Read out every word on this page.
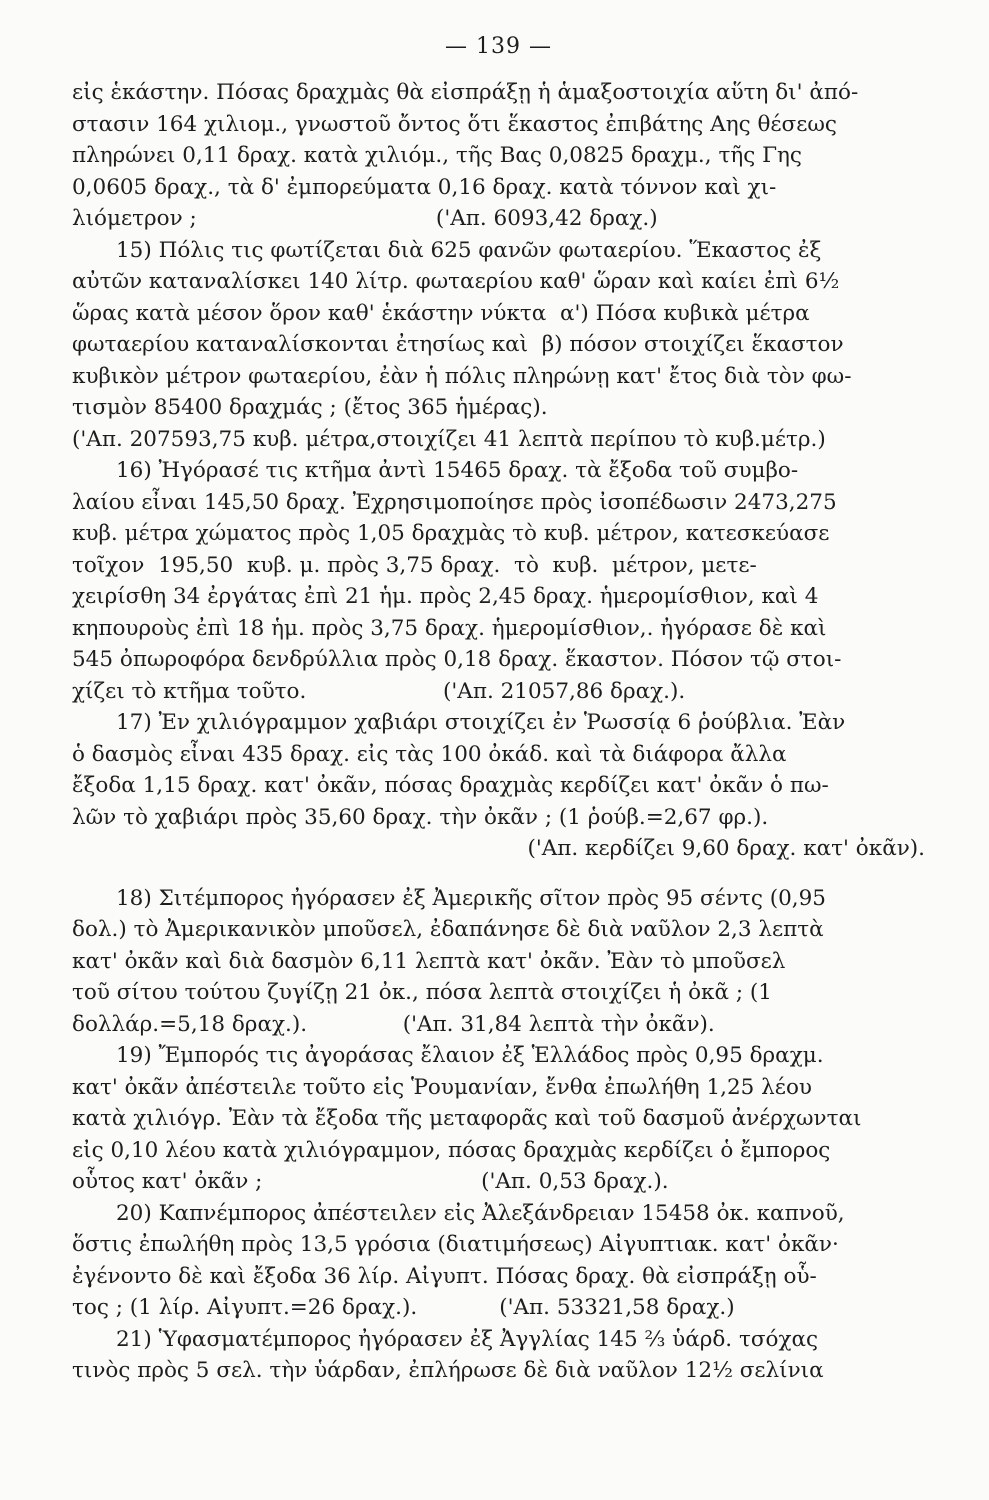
— 139 —
εἰς ἑκάστην. Πόσας δραχμὰς θὰ εἰσπράξῃ ἡ ἁμαξοστοιχία αὕτη δι' ἀπό-
στασιν 164 χιλιομ., γνωστοῦ ὄντος ὅτι ἕκαστος ἐπιβάτης Αης θέσεως
πληρώνει 0,11 δραχ. κατὰ χιλιόμ., τῆς Βας 0,0825 δραχμ., τῆς Γης
0,0605 δραχ., τὰ δ' ἐμπορεύματα 0,16 δραχ. κατὰ τόννον καὶ χι-
λιόμετρον ;                                   ('Απ. 6093,42 δραχ.)
15) Πόλις τις φωτίζεται διὰ 625 φανῶν φωταερίου. Ἕκαστος ἐξ
αὐτῶν καταναλίσκει 140 λίτρ. φωταερίου καθ' ὥραν καὶ καίει ἐπὶ 6½
ὥρας κατὰ μέσον ὅρον καθ' ἑκάστην νύκτα  α') Πόσα κυβικὰ μέτρα
φωταερίου καταναλίσκονται ἐτησίως καὶ  β) πόσον στοιχίζει ἕκαστον
κυβικὸν μέτρον φωταερίου, ἐὰν ἡ πόλις πληρώνῃ κατ' ἔτος διὰ τὸν φω-
τισμὸν 85400 δραχμάς ; (ἔτος 365 ἡμέρας).
('Απ. 207593,75 κυβ. μέτρα,στοιχίζει 41 λεπτὰ περίπου τὸ κυβ.μέτρ.)
16) Ἠγόρασέ τις κτῆμα ἀντὶ 15465 δραχ. τὰ ἔξοδα τοῦ συμβο-
λαίου εἶναι 145,50 δραχ. Ἐχρησιμοποίησε πρὸς ἰσοπέδωσιν 2473,275
κυβ. μέτρα χώματος πρὸς 1,05 δραχμὰς τὸ κυβ. μέτρον, κατεσκεύασε
τοῖχον  195,50  κυβ. μ. πρὸς 3,75 δραχ.  τὸ  κυβ.  μέτρον, μετε-
χειρίσθη 34 ἐργάτας ἐπὶ 21 ἡμ. πρὸς 2,45 δραχ. ἡμερομίσθιον, καὶ 4
κηπουροὺς ἐπὶ 18 ἡμ. πρὸς 3,75 δραχ. ἡμερομίσθιον,. ἠγόρασε δὲ καὶ
545 ὀπωροφόρα δενδρύλλια πρὸς 0,18 δραχ. ἕκαστον. Πόσον τῷ στοι-
χίζει τὸ κτῆμα τοῦτο.                    ('Απ. 21057,86 δραχ.).
17) Ἐν χιλιόγραμμον χαβιάρι στοιχίζει ἐν Ῥωσσίᾳ 6 ῥούβλια. Ἐὰν
ὁ δασμὸς εἶναι 435 δραχ. εἰς τὰς 100 ὀκάδ. καὶ τὰ διάφορα ἄλλα
ἔξοδα 1,15 δραχ. κατ' ὀκᾶν, πόσας δραχμὰς κερδίζει κατ' ὀκᾶν ὁ πω-
λῶν τὸ χαβιάρι πρὸς 35,60 δραχ. τὴν ὀκᾶν ; (1 ῥούβ.=2,67 φρ.).
('Απ. κερδίζει 9,60 δραχ. κατ' ὀκᾶν).
18) Σιτέμπορος ἠγόρασεν ἐξ Ἀμερικῆς σῖτον πρὸς 95 σέντς (0,95
δολ.) τὸ Ἀμερικανικὸν μποῦσελ, ἐδαπάνησε δὲ διὰ ναῦλον 2,3 λεπτὰ
κατ' ὀκᾶν καὶ διὰ δασμὸν 6,11 λεπτὰ κατ' ὀκᾶν. Ἐὰν τὸ μποῦσελ
τοῦ σίτου τούτου ζυγίζῃ 21 ὀκ., πόσα λεπτὰ στοιχίζει ἡ ὀκᾶ ; (1
δολλάρ.=5,18 δραχ.).              ('Απ. 31,84 λεπτὰ τὴν ὀκᾶν).
19) Ἔμπορός τις ἀγοράσας ἔλαιον ἐξ Ἑλλάδος πρὸς 0,95 δραχμ.
κατ' ὀκᾶν ἀπέστειλε τοῦτο εἰς Ῥουμανίαν, ἔνθα ἐπωλήθη 1,25 λέου
κατὰ χιλιόγρ. Ἐὰν τὰ ἔξοδα τῆς μεταφορᾶς καὶ τοῦ δασμοῦ ἀνέρχωνται
εἰς 0,10 λέου κατὰ χιλιόγραμμον, πόσας δραχμὰς κερδίζει ὁ ἔμπορος
οὗτος κατ' ὀκᾶν ;                                ('Απ. 0,53 δραχ.).
20) Καπνέμπορος ἀπέστειλεν εἰς Ἀλεξάνδρειαν 15458 ὀκ. καπνοῦ,
ὅστις ἐπωλήθη πρὸς 13,5 γρόσια (διατιμήσεως) Αἰγυπτιακ. κατ' ὀκᾶν·
ἐγένοντο δὲ καὶ ἔξοδα 36 λίρ. Αἰγυπτ. Πόσας δραχ. θὰ εἰσπράξῃ οὗ-
τος ; (1 λίρ. Αἰγυπτ.=26 δραχ.).            ('Απ. 53321,58 δραχ.)
21) Ὑφασματέμπορος ἠγόρασεν ἐξ Ἀγγλίας 145 ⅔ ὑάρδ. τσόχας
τινὸς πρὸς 5 σελ. τὴν ὑάρδαν, ἐπλήρωσε δὲ διὰ ναῦλον 12½ σελίνια
